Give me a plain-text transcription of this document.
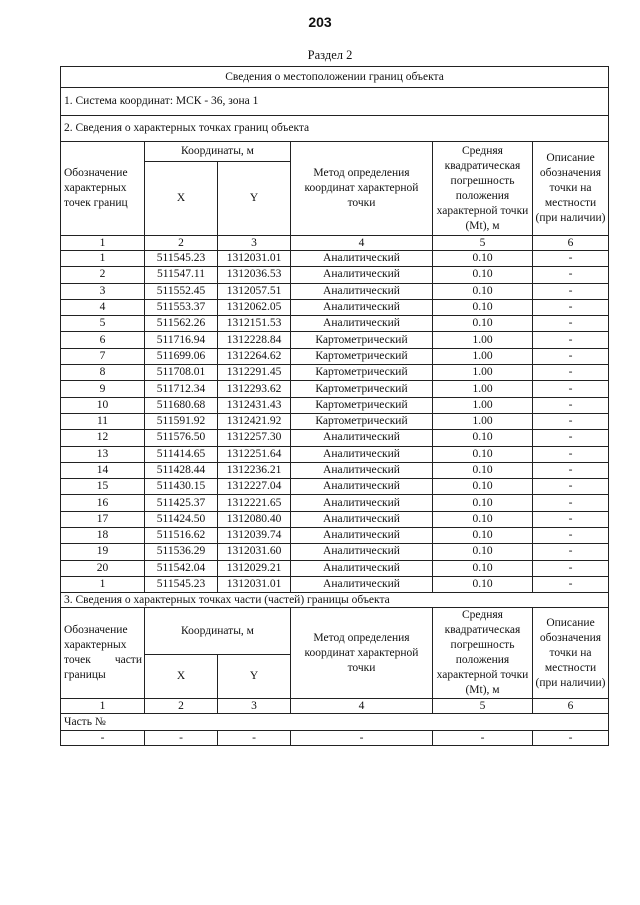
203
Раздел 2
Сведения о местоположении границ объекта					
1. Система координат: МСК - 36, зона 1					
2. Сведения о характерных точках границ объекта					
Обозначение характерных точек границ	Координаты, м		Метод определения координат характерной точки	Средняя квадратическая погрешность положения характерной точки (Mt), м	Описание обозначения точки на местности (при наличии)
	X	Y			
1	2	3	4	5	6
1	511545.23	1312031.01	Аналитический	0.10	-
2	511547.11	1312036.53	Аналитический	0.10	-
3	511552.45	1312057.51	Аналитический	0.10	-
4	511553.37	1312062.05	Аналитический	0.10	-
5	511562.26	1312151.53	Аналитический	0.10	-
6	511716.94	1312228.84	Картометрический	1.00	-
7	511699.06	1312264.62	Картометрический	1.00	-
8	511708.01	1312291.45	Картометрический	1.00	-
9	511712.34	1312293.62	Картометрический	1.00	-
10	511680.68	1312431.43	Картометрический	1.00	-
11	511591.92	1312421.92	Картометрический	1.00	-
12	511576.50	1312257.30	Аналитический	0.10	-
13	511414.65	1312251.64	Аналитический	0.10	-
14	511428.44	1312236.21	Аналитический	0.10	-
15	511430.15	1312227.04	Аналитический	0.10	-
16	511425.37	1312221.65	Аналитический	0.10	-
17	511424.50	1312080.40	Аналитический	0.10	-
18	511516.62	1312039.74	Аналитический	0.10	-
19	511536.29	1312031.60	Аналитический	0.10	-
20	511542.04	1312029.21	Аналитический	0.10	-
1	511545.23	1312031.01	Аналитический	0.10	-
3. Сведения о характерных точках части (частей) границы объекта					

Обозначение
характерных
точек части
границы	Координаты, м		Метод определения координат характерной точки	Средняя квадратическая погрешность положения характерной точки (Mt), м	Описание обозначения точки на местности (при наличии)
	X	Y			
1	2	3	4	5	6
Часть №					
-	-	-	-	-	-
